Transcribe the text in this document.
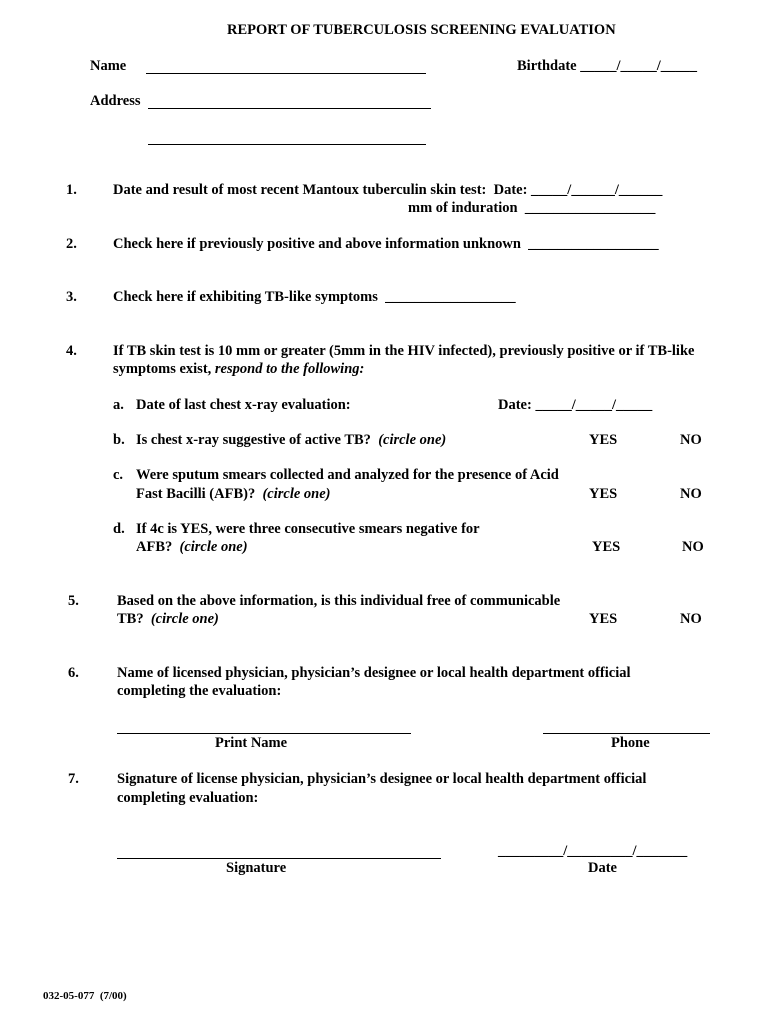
REPORT OF TUBERCULOSIS SCREENING EVALUATION
Name	Birthdate _____/_____/_____
Address
1. Date and result of most recent Mantoux tuberculin skin test:  Date: _____/______/______
mm of induration  __________________
2. Check here if previously positive and above information unknown  __________________
3. Check here if exhibiting TB-like symptoms  __________________
4. If TB skin test is 10 mm or greater (5mm in the HIV infected), previously positive or if TB-like
symptoms exist, respond to the following:
a. Date of last chest x-ray evaluation:	Date: _____/_____/_____
b. Is chest x-ray suggestive of active TB?  (circle one)	YES	NO
c. Were sputum smears collected and analyzed for the presence of Acid
Fast Bacilli (AFB)?  (circle one)	YES	NO
d. If 4c is YES, were three consecutive smears negative for
AFB?  (circle one)	YES	NO
5.	Based on the above information, is this individual free of communicable
TB?  (circle one)	YES	NO
6.	Name of licensed physician, physician’s designee or local health department official
completing the evaluation:
Print Name	Phone
7.	Signature of license physician, physician’s designee or local health department official
completing evaluation:
_________/_________/_______
Signature	Date
032-05-077  (7/00)
